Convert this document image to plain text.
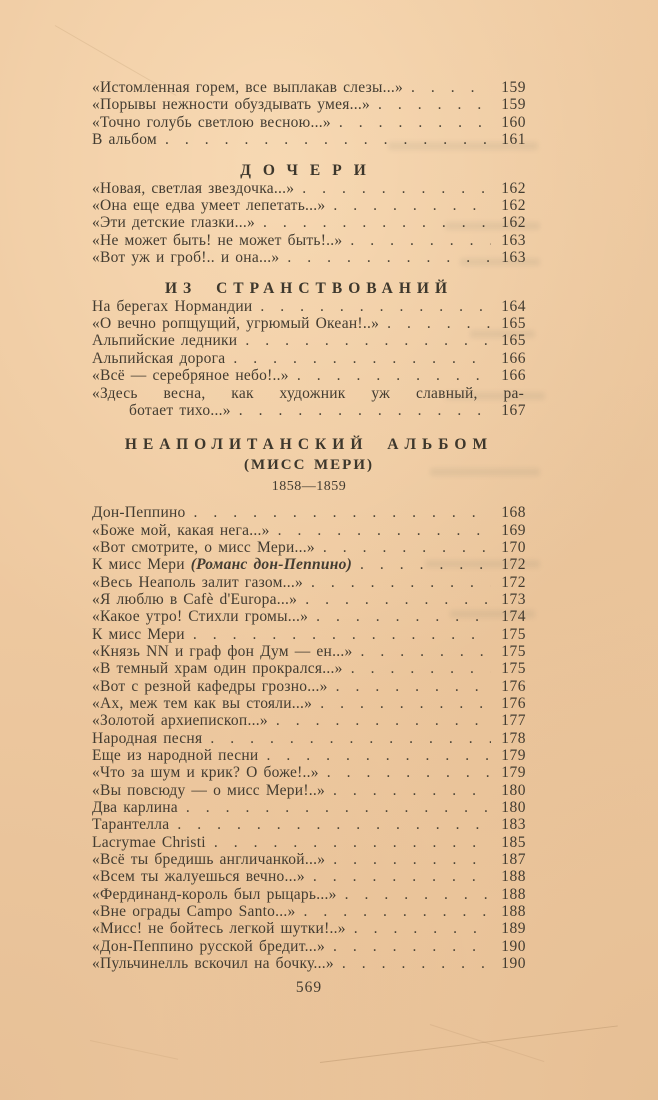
«Истомленная горем, все выплакав слезы...» .....	159
«Порывы нежности обуздывать умея...» .....	159
«Точно голубь светлою весною...» .....	160
В альбом .....	161
ДОЧЕРИ
«Новая, светлая звездочка...» .....	162
«Она еще едва умеет лепетать...» .....	162
«Эти детские глазки...» .....	162
«Не может быть! не может быть!..» .....	163
«Вот уж и гроб!.. и она...» .....	163
ИЗ СТРАНСТВОВАНИЙ
На берегах Нормандии .....	164
«О вечно ропщущий, угрюмый Океан!..» .....	165
Альпийские ледники .....	165
Альпийская дорога .....	166
«Всё — серебряное небо!..» .....	166
«Здесь весна, как художник уж славный, ра-
ботает тихо...» .....	167
НЕАПОЛИТАНСКИЙ АЛЬБОМ
(МИСС МЕРИ)
1858—1859
Дон-Пеппино .....	168
«Боже мой, какая нега...» .....	169
«Вот смотрите, о мисс Мери...» .....	170
К мисс Мери (Романс дон-Пеппино) .....	172
«Весь Неаполь залит газом...» .....	172
«Я люблю в Cafè d'Europa...» .....	173
«Какое утро! Стихли громы...» .....	174
К мисс Мери .....	175
«Князь NN и граф фон Дум — ен...» .....	175
«В темный храм один прокрался...» .....	175
«Вот с резной кафедры грозно...» .....	176
«Ах, меж тем как вы стояли...» .....	176
«Золотой архиепископ...» .....	177
Народная песня .....	178
Еще из народной песни .....	179
«Что за шум и крик? О боже!..» .....	179
«Вы повсюду — о мисс Мери!..» .....	180
Два карлина .....	180
Тарантелла .....	183
Lacrymae Christi .....	185
«Всё ты бредишь англичанкой...» .....	187
«Всем ты жалуешься вечно...» .....	188
«Фердинанд-король был рыцарь...» .....	188
«Вне ограды Campo Santo...» .....	188
«Мисс! не бойтесь легкой шутки!..» .....	189
«Дон-Пеппино русской бредит...» .....	190
«Пульчинелль вскочил на бочку...» .....	190
569
